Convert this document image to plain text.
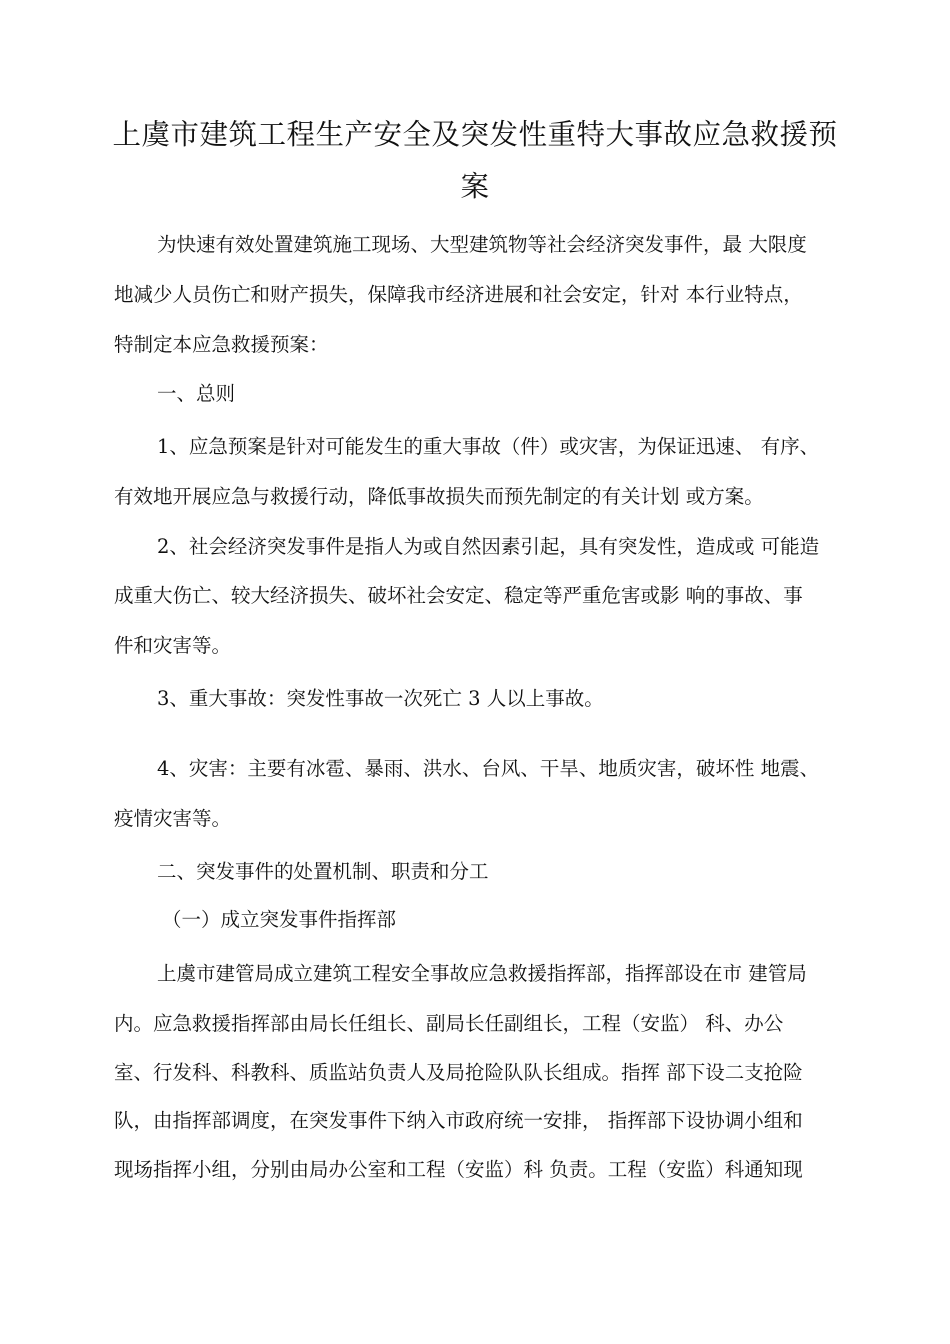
上虞市建筑工程生产安全及突发性重特大事故应急救援预
案
为快速有效处置建筑施工现场、大型建筑物等社会经济突发事件，最 大限度
地减少人员伤亡和财产损失，保障我市经济进展和社会安定，针对 本行业特点，
特制定本应急救援预案：
一、总则
1、应急预案是针对可能发生的重大事故（件）或灾害，为保证迅速、 有序、
有效地开展应急与救援行动，降低事故损失而预先制定的有关计划 或方案。
2、社会经济突发事件是指人为或自然因素引起，具有突发性，造成或 可能造
成重大伤亡、较大经济损失、破坏社会安定、稳定等严重危害或影 响的事故、事
件和灾害等。
3、重大事故：突发性事故一次死亡 3 人以上事故。
4、灾害：主要有冰雹、暴雨、洪水、台风、干旱、地质灾害，破坏性 地震、
疫情灾害等。
二、突发事件的处置机制、职责和分工
（一）成立突发事件指挥部
上虞市建管局成立建筑工程安全事故应急救援指挥部，指挥部设在市 建管局
内。应急救援指挥部由局长任组长、副局长任副组长，工程（安监） 科、办公
室、行发科、科教科、质监站负责人及局抢险队队长组成。指挥 部下设二支抢险
队，由指挥部调度，在突发事件下纳入市政府统一安排， 指挥部下设协调小组和
现场指挥小组，分别由局办公室和工程（安监）科 负责。工程（安监）科通知现
